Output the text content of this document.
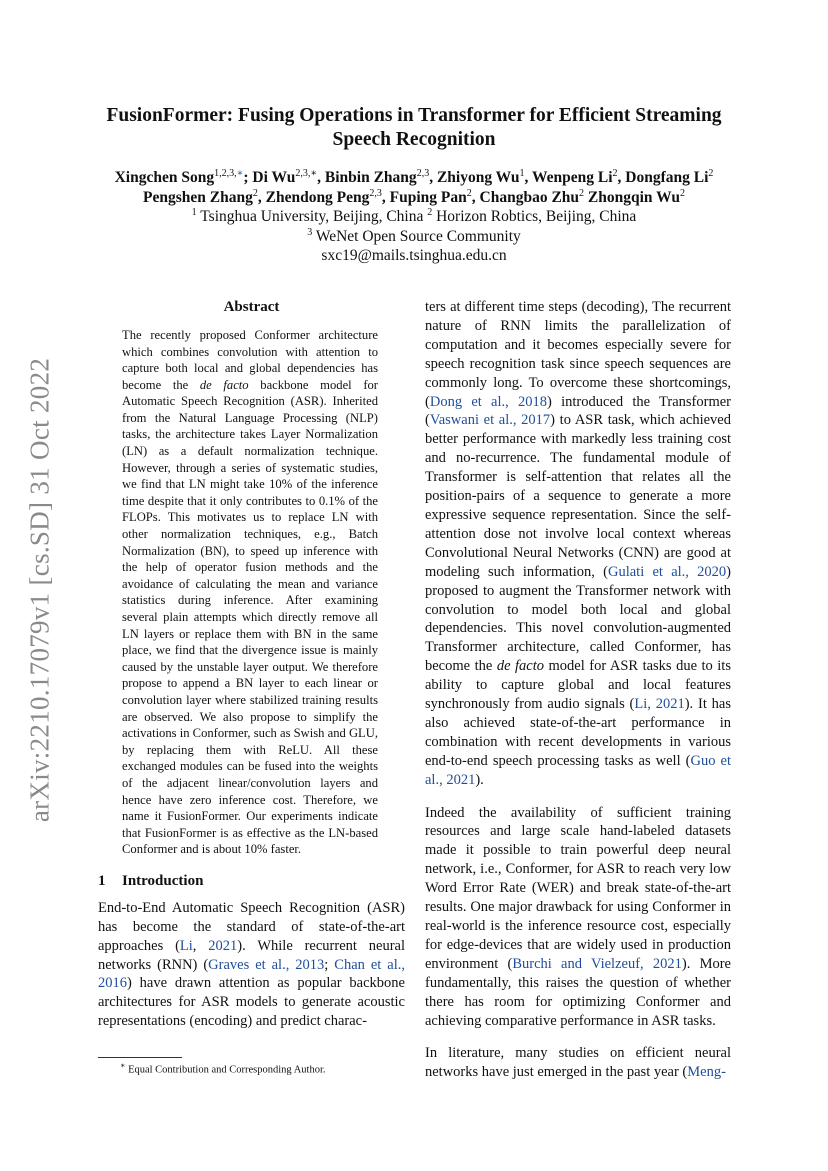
arXiv:2210.17079v1 [cs.SD] 31 Oct 2022
FusionFormer: Fusing Operations in Transformer for Efficient Streaming
Speech Recognition
Xingchen Song$^{1,2,3,∗}$; Di $Wu^{2,3,∗}$, Binbin Zhang$^{2,3}$, Zhiyong Wu$^1$, Wenpeng Li$^2$, Dongfang Li$^2$
Pengshen Zhang$^2$, Zhendong Peng$^{2,3}$, Fuping Pan$^2$, Changbao Zhu$^2$ Zhongqin Wu$^2$
$^1$ Tsinghua University, Beijing, China $^2$ Horizon Robtics, Beijing, China
$^3$ WeNet Open Source Community
sxc19@mails.tsinghua.edu.cn
Abstract
The recently proposed Conformer architecture which combines convolution with attention to capture both local and global dependencies has become the de facto backbone model for Automatic Speech Recognition (ASR). Inherited from the Natural Language Processing (NLP) tasks, the architecture takes Layer Normalization (LN) as a default normalization technique. However, through a series of systematic studies, we find that LN might take 10% of the inference time despite that it only contributes to 0.1% of the FLOPs. This motivates us to replace LN with other normalization techniques, e.g., Batch Normalization (BN), to speed up inference with the help of operator fusion methods and the avoidance of calculating the mean and variance statistics during inference. After examining several plain attempts which directly remove all LN layers or replace them with BN in the same place, we find that the divergence issue is mainly caused by the unstable layer output. We therefore propose to append a BN layer to each linear or convolution layer where stabilized training results are observed. We also propose to simplify the activations in Conformer, such as Swish and GLU, by replacing them with ReLU. All these exchanged modules can be fused into the weights of the adjacent linear/convolution layers and hence have zero inference cost. Therefore, we name it FusionFormer. Our experiments indicate that FusionFormer is as effective as the LN-based Conformer and is about 10% faster.
1 Introduction

End-to-End Automatic Speech Recognition (ASR) has become the standard of state-of-the-art approaches (Li, 2021). While recurrent neural networks (RNN) (Graves et al., 2013; Chan et al., 2016) have drawn attention as popular backbone architectures for ASR models to generate acoustic representations (encoding) and predict charac-

ters at different time steps (decoding), The recurrent nature of RNN limits the parallelization of computation and it becomes especially severe for speech recognition task since speech sequences are commonly long. To overcome these shortcomings, (Dong et al., 2018) introduced the Transformer (Vaswani et al., 2017) to ASR task, which achieved better performance with markedly less training cost and no-recurrence. The fundamental module of Transformer is self-attention that relates all the position-pairs of a sequence to generate a more expressive sequence representation. Since the self-attention dose not involve local context whereas Convolutional Neural Networks (CNN) are good at modeling such information, (Gulati et al., 2020) proposed to augment the Transformer network with convolution to model both local and global dependencies. This novel convolution-augmented Transformer architecture, called Conformer, has become the de facto model for ASR tasks due to its ability to capture global and local features synchronously from audio signals (Li, 2021). It has also achieved state-of-the-art performance in combination with recent developments in various end-to-end speech processing tasks as well (Guo et al., 2021).

Indeed the availability of sufficient training resources and large scale hand-labeled datasets made it possible to train powerful deep neural network, i.e., Conformer, for ASR to reach very low Word Error Rate (WER) and break state-of-the-art results. One major drawback for using Conformer in real-world is the inference resource cost, especially for edge-devices that are widely used in production environment (Burchi and Vielzeuf, 2021). More fundamentally, this raises the question of whether there has room for optimizing Conformer and achieving comparative performance in ASR tasks.

In literature, many studies on efficient neural networks have just emerged in the past year (Meng-

∗ Equal Contribution and Corresponding Author.
